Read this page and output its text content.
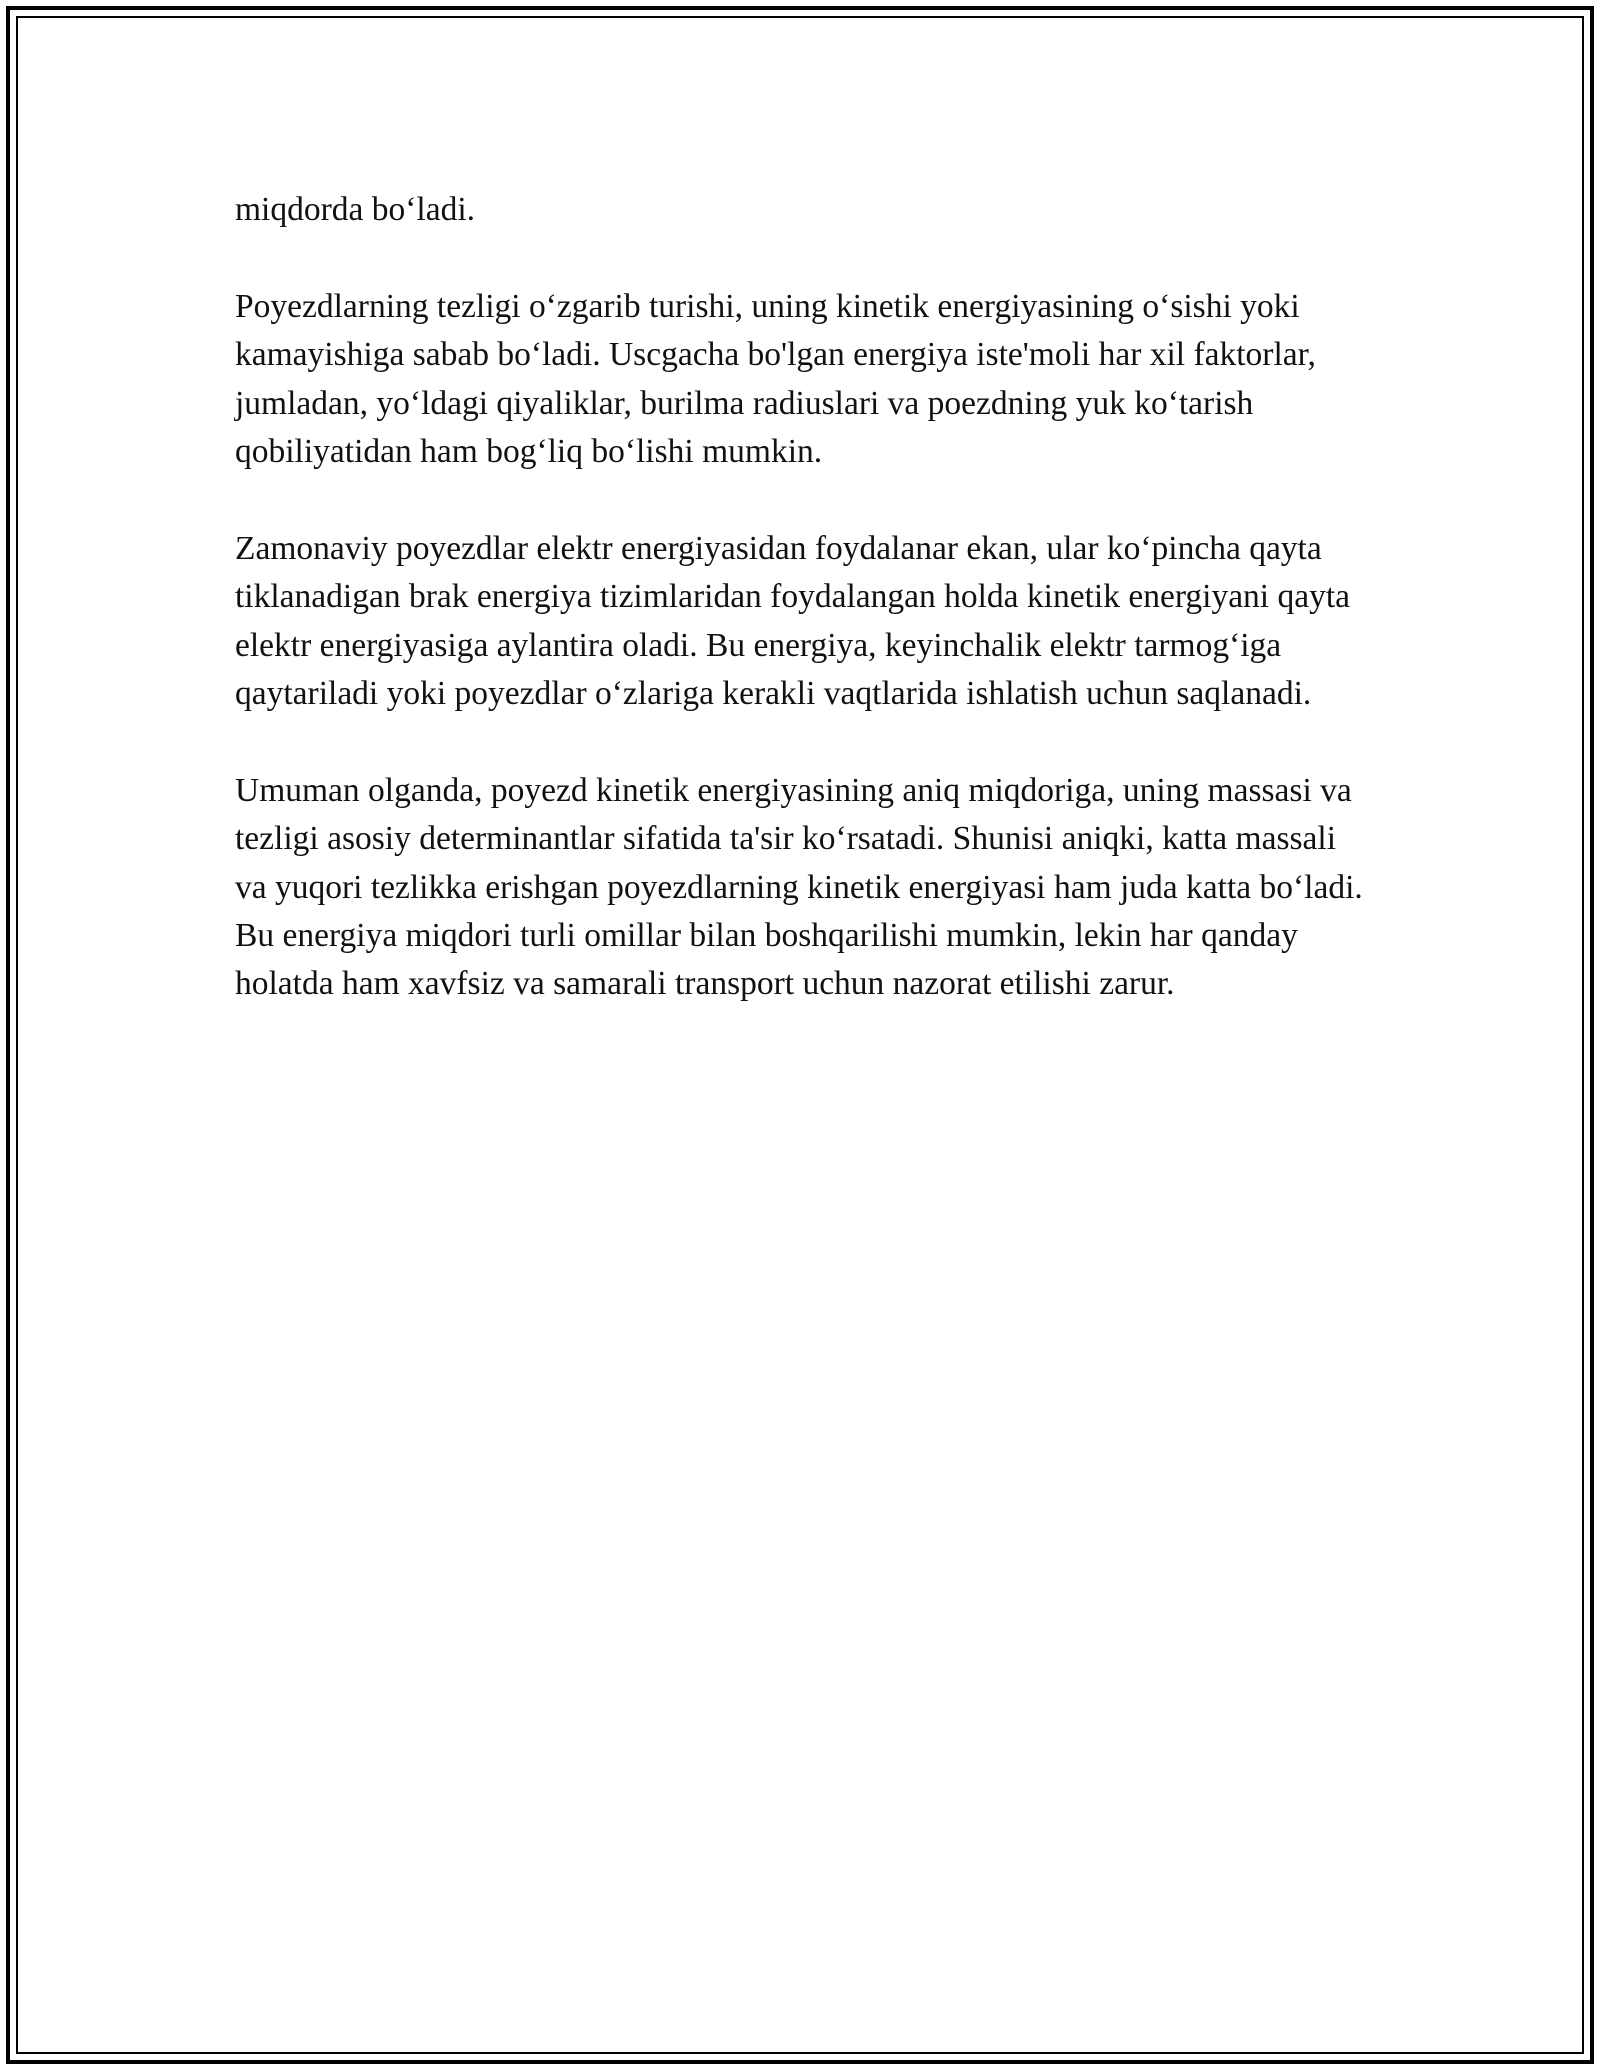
miqdorda bo‘ladi.

Poyezdlarning tezligi o‘zgarib turishi, uning kinetik energiyasining o‘sishi yoki kamayishiga sabab bo‘ladi. Uscgacha bo'lgan energiya iste'moli har xil faktorlar, jumladan, yo‘ldagi qiyaliklar, burilma radiuslari va poezdning yuk ko‘tarish qobiliyatidan ham bog‘liq bo‘lishi mumkin.

Zamonaviy poyezdlar elektr energiyasidan foydalanar ekan, ular ko‘pincha qayta tiklanadigan brak energiya tizimlaridan foydalangan holda kinetik energiyani qayta elektr energiyasiga aylantira oladi. Bu energiya, keyinchalik elektr tarmog‘iga qaytariladi yoki poyezdlar o‘zlariga kerakli vaqtlarida ishlatish uchun saqlanadi.

Umuman olganda, poyezd kinetik energiyasining aniq miqdoriga, uning massasi va tezligi asosiy determinantlar sifatida ta'sir ko‘rsatadi. Shunisi aniqki, katta massali va yuqori tezlikka erishgan poyezdlarning kinetik energiyasi ham juda katta bo‘ladi. Bu energiya miqdori turli omillar bilan boshqarilishi mumkin, lekin har qanday holatda ham xavfsiz va samarali transport uchun nazorat etilishi zarur.
